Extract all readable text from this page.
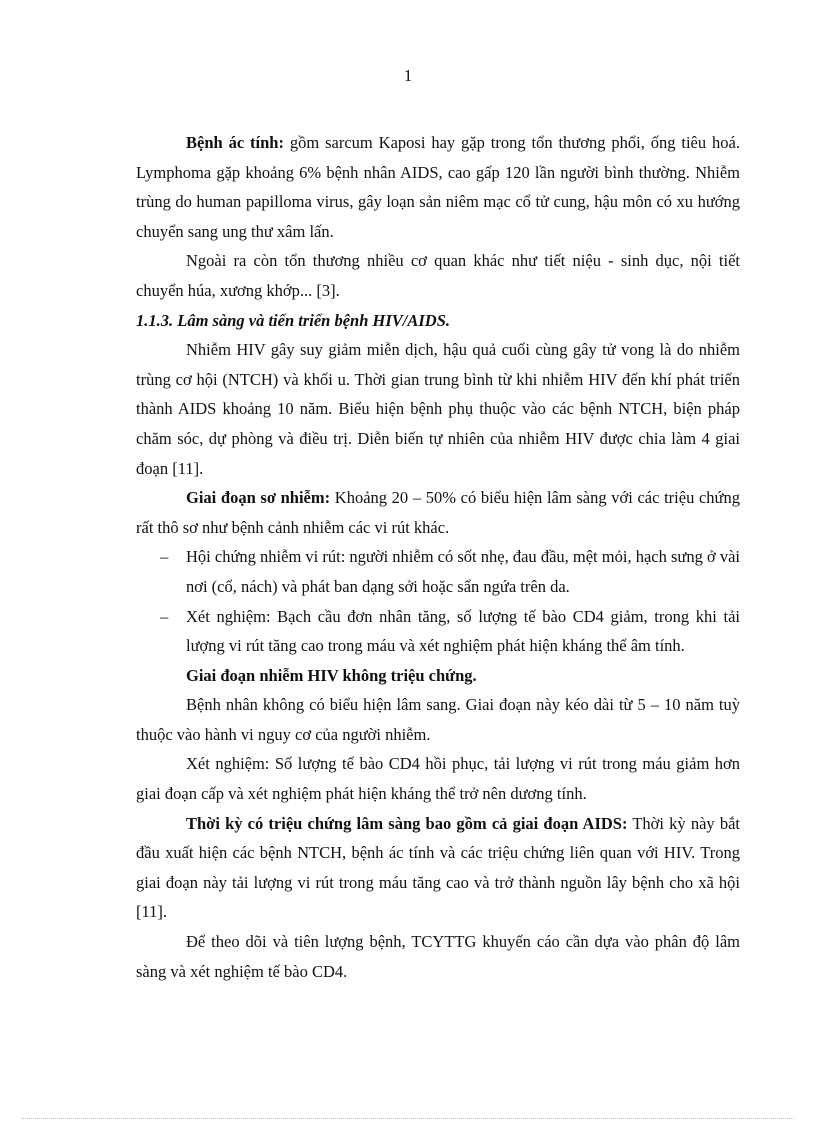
1

Bệnh ác tính: gồm sarcum Kaposi hay gặp trong tổn thương phổi, ống tiêu hoá. Lymphoma gặp khoảng 6% bệnh nhân AIDS, cao gấp 120 lần người bình thường. Nhiễm trùng do human papilloma virus, gây loạn sản niêm mạc cổ tử cung, hậu môn có xu hướng chuyển sang ung thư xâm lấn.

Ngoài ra còn tổn thương nhiều cơ quan khác như tiết niệu - sinh dục, nội tiết chuyển húa, xương khớp... [3].

1.1.3. Lâm sàng và tiến triển bệnh HIV/AIDS.

Nhiễm HIV gây suy giảm miễn dịch, hậu quả cuối cùng gây tử vong là do nhiễm trùng cơ hội (NTCH) và khối u. Thời gian trung bình từ khi nhiễm HIV đến khí phát triển thành AIDS khoảng 10 năm. Biểu hiện bệnh phụ thuộc vào các bệnh NTCH, biện pháp chăm sóc, dự phòng và điều trị. Diễn biến tự nhiên của nhiễm HIV được chia làm 4 giai đoạn [11].

Giai đoạn sơ nhiễm: Khoảng 20 – 50% có biểu hiện lâm sàng với các triệu chứng rất thô sơ như bệnh cảnh nhiễm các vi rút khác.

– Hội chứng nhiễm vi rút: người nhiễm có sốt nhẹ, đau đầu, mệt mỏi, hạch sưng ở vài nơi (cổ, nách) và phát ban dạng sởi hoặc sẩn ngứa trên da.

– Xét nghiệm: Bạch cầu đơn nhân tăng, số lượng tế bào CD4 giảm, trong khi tải lượng vi rút tăng cao trong máu và xét nghiệm phát hiện kháng thể âm tính.

Giai đoạn nhiễm HIV không triệu chứng.

Bệnh nhân không có biểu hiện lâm sang. Giai đoạn này kéo dài từ 5 – 10 năm tuỳ thuộc vào hành vi nguy cơ của người nhiễm.

Xét nghiệm: Số lượng tế bào CD4 hồi phục, tải lượng vi rút trong máu giảm hơn giai đoạn cấp và xét nghiệm phát hiện kháng thể trở nên dương tính.

Thời kỳ có triệu chứng lâm sàng bao gồm cả giai đoạn AIDS: Thời kỳ này bắt đầu xuất hiện các bệnh NTCH, bệnh ác tính và các triệu chứng liên quan với HIV. Trong giai đoạn này tải lượng vi rút trong máu tăng cao và trở thành nguồn lây bệnh cho xã hội [11].

Để theo dõi và tiên lượng bệnh, TCYTTG khuyến cáo cần dựa vào phân độ lâm sàng và xét nghiệm tế bào CD4.
